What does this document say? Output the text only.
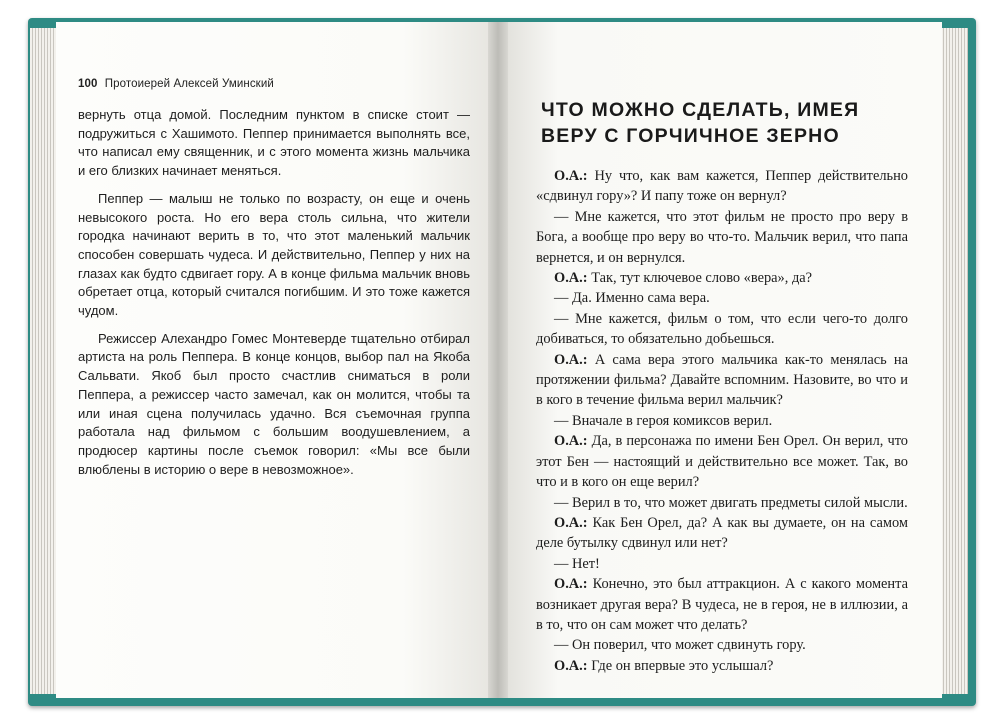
100 Протоиерей Алексей Уминский

вернуть отца домой. Последним пунктом в списке стоит — подружиться с Хашимото. Пеппер принимается выполнять все, что написал ему священник, и с этого момента жизнь мальчика и его близких начинает меняться.

Пеппер — малыш не только по возрасту, он еще и очень невысокого роста. Но его вера столь сильна, что жители городка начинают верить в то, что этот маленький мальчик способен совершать чудеса. И действительно, Пеппер у них на глазах как будто сдвигает гору. А в конце фильма мальчик вновь обретает отца, который считался погибшим. И это тоже кажется чудом.

Режиссер Алехандро Гомес Монтеверде тщательно отбирал артиста на роль Пеппера. В конце концов, выбор пал на Якоба Сальвати. Якоб был просто счастлив сниматься в роли Пеппера, а режиссер часто замечал, как он молится, чтобы та или иная сцена получилась удачно. Вся съемочная группа работала над фильмом с большим воодушевлением, а продюсер картины после съемок говорил: «Мы все были влюблены в историю о вере в невозможное».

ЧТО МОЖНО СДЕЛАТЬ, ИМЕЯ ВЕРУ С ГОРЧИЧНОЕ ЗЕРНО

О.А.: Ну что, как вам кажется, Пеппер действительно «сдвинул гору»? И папу тоже он вернул?

— Мне кажется, что этот фильм не просто про веру в Бога, а вообще про веру во что-то. Мальчик верил, что папа вернется, и он вернулся.

О.А.: Так, тут ключевое слово «вера», да?

— Да. Именно сама вера.

— Мне кажется, фильм о том, что если чего-то долго добиваться, то обязательно добьешься.

О.А.: А сама вера этого мальчика как-то менялась на протяжении фильма? Давайте вспомним. Назовите, во что и в кого в течение фильма верил мальчик?

— Вначале в героя комиксов верил.

О.А.: Да, в персонажа по имени Бен Орел. Он верил, что этот Бен — настоящий и действительно все может. Так, во что и в кого он еще верил?

— Верил в то, что может двигать предметы силой мысли.

О.А.: Как Бен Орел, да? А как вы думаете, он на самом деле бутылку сдвинул или нет?

— Нет!

О.А.: Конечно, это был аттракцион. А с какого момента возникает другая вера? В чудеса, не в героя, не в иллюзии, а в то, что он сам может что делать?

— Он поверил, что может сдвинуть гору.

О.А.: Где он впервые это услышал?
